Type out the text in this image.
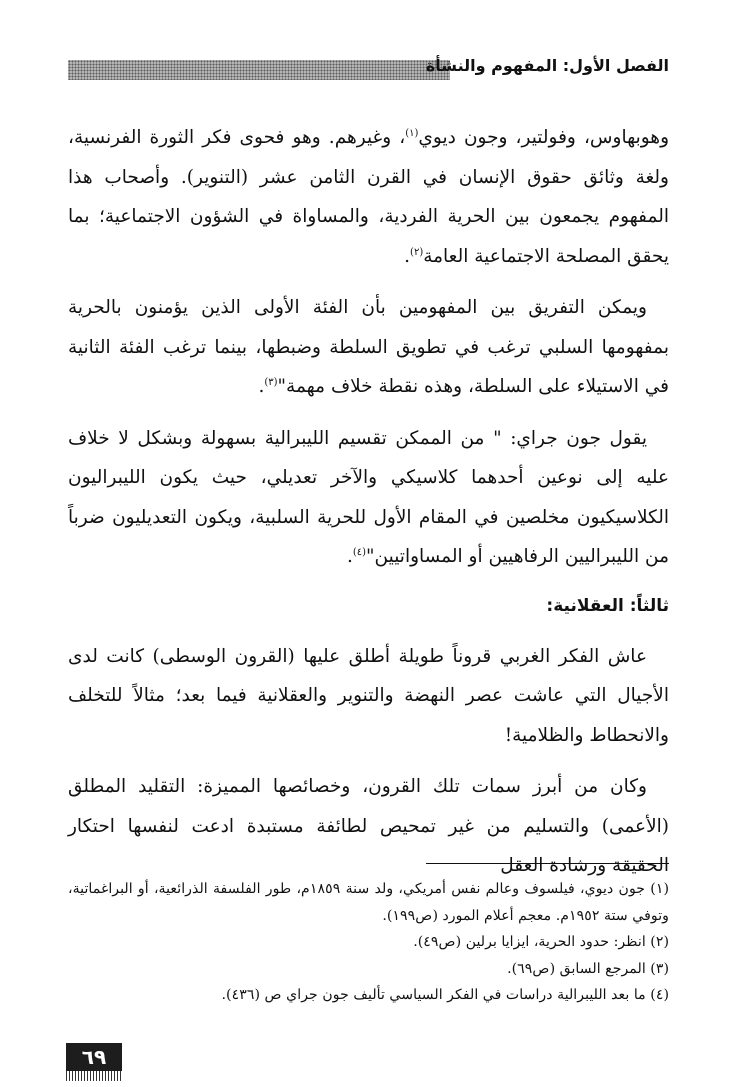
الفصل الأول: المفهوم والنشأة

وهوبهاوس، وفولتير، وجون ديوي$^{(١)}$، وغيرهم. وهو فحوى فكر الثورة الفرنسية، ولغة وثائق حقوق الإنسان في القرن الثامن عشر (التنوير). وأصحاب هذا المفهوم يجمعون بين الحرية الفردية، والمساواة في الشؤون الاجتماعية؛ بما يحقق المصلحة الاجتماعية العامة$^{(٢)}$.

ويمكن التفريق بين المفهومين بأن الفئة الأولى الذين يؤمنون بالحرية بمفهومها السلبي ترغب في تطويق السلطة وضبطها، بينما ترغب الفئة الثانية في الاستيلاء على السلطة، وهذه نقطة خلاف مهمة"$^{(٣)}$.

يقول جون جراي: " من الممكن تقسيم الليبرالية بسهولة وبشكل لا خلاف عليه إلى نوعين أحدهما كلاسيكي والآخر تعديلي، حيث يكون الليبراليون الكلاسيكيون مخلصين في المقام الأول للحرية السلبية، ويكون التعديليون ضرباً من الليبراليين الرفاهيين أو المساواتيين"$^{(٤)}$.

ثالثاً: العقلانية:

عاش الفكر الغربي قروناً طويلة أطلق عليها (القرون الوسطى) كانت لدى الأجيال التي عاشت عصر النهضة والتنوير والعقلانية فيما بعد؛ مثالاً للتخلف والانحطاط والظلامية!

وكان من أبرز سمات تلك القرون، وخصائصها المميزة: التقليد المطلق (الأعمى) والتسليم من غير تمحيص لطائفة مستبدة ادعت لنفسها احتكار الحقيقة ورشادة العقل

(١) جون ديوي، فيلسوف وعالم نفس أمريكي، ولد سنة ١٨٥٩م، طور الفلسفة الذرائعية، أو البراغماتية، وتوفي ستة ١٩٥٢م. معجم أعلام المورد (ص١٩٩).

(٢) انظر: حدود الحرية، ايزايا برلين (ص٤٩).

(٣) المرجع السابق (ص٦٩).

(٤) ما بعد الليبرالية دراسات في الفكر السياسي تأليف جون جراي ص (٤٣٦).

٦٩
